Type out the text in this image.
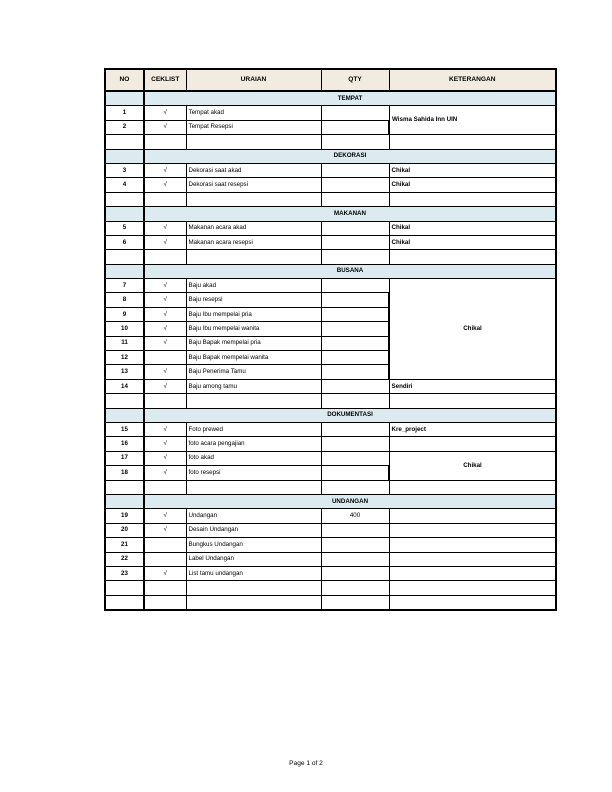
NO	CEKLIST	URAIAN	QTY	KETERANGAN
	TEMPAT			
1	√	Tempat akad		Wisma Sahida Inn UIN
2	√	Tempat Resepsi		

	DEKORASI			
3	√	Dekorasi saat akad		Chikal
4	√	Dekorasi saat resepsi		Chikal

	MAKANAN			
5	√	Makanan acara akad		Chikal
6	√	Makanan acara resepsi		Chikal

	BUSANA			
7	√	Baju akad		Chikal
8	√	Baju resepsi		
9	√	Baju Ibu mempelai pria		
10	√	Baju Ibu mempelai wanita		
11	√	Baju Bapak mempelai pria		
12		Baju Bapak mempelai wanita		
13	√	Baju Penerima Tamu		
14	√	Baju among tamu		Sendiri

	DOKUMENTASI			
15	√	Foto prewed		Kre_project
16	√	foto acara pengajian		
17	√	foto akad		Chikal
18	√	foto resepsi		

	UNDANGAN			
19	√	Undangan	400	
20	√	Desain Undangan		
21		Bungkus Undangan		
22		Label Undangan		
23	√	List tamu undangan		

Page 1 of 2
